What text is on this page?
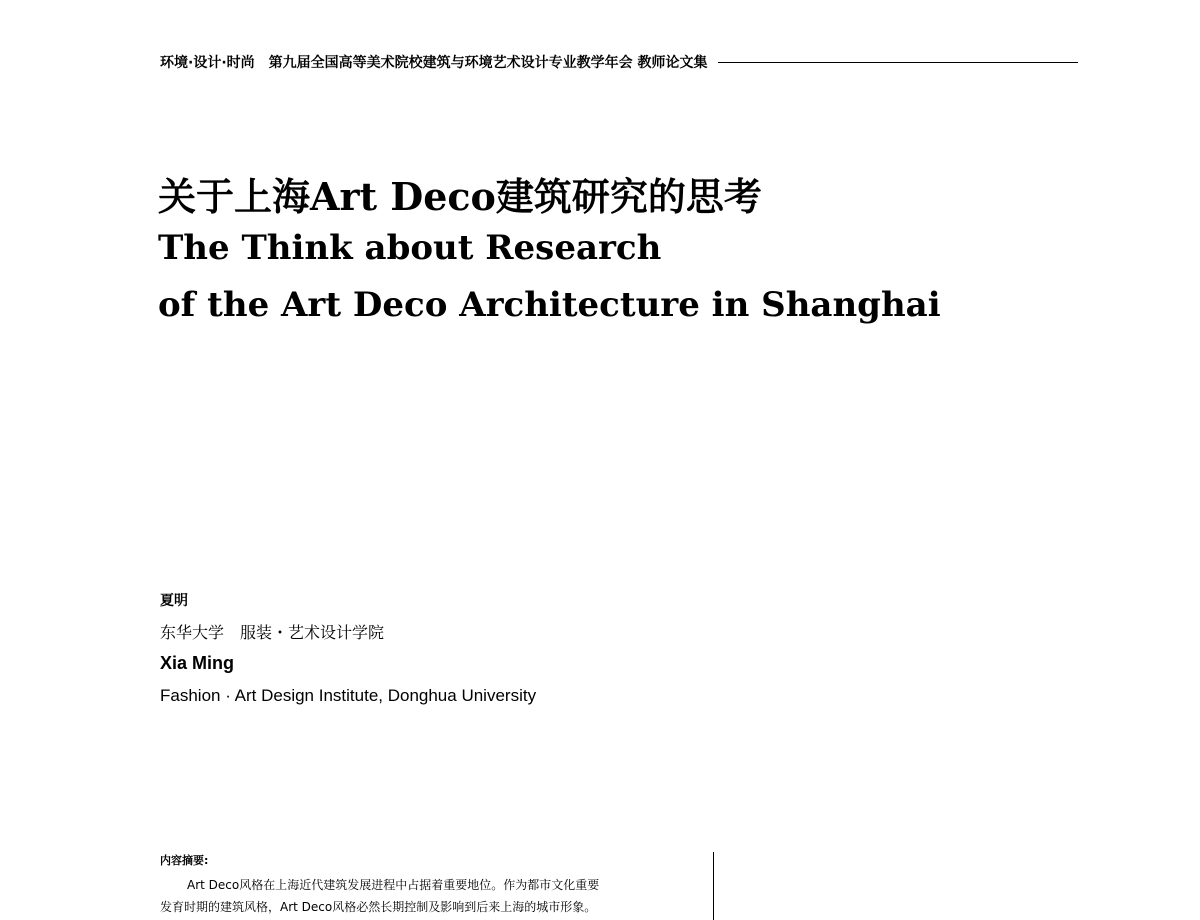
环境·设计·时尚　第九届全国高等美术院校建筑与环境艺术设计专业教学年会 教师论文集
关于上海Art Deco建筑研究的思考
The Think about Research
of the Art Deco Architecture in Shanghai
夏明
东华大学　服装・艺术设计学院
Xia Ming
Fashion · Art Design Institute, Donghua University
内容摘要:
Art Deco风格在上海近代建筑发展进程中占据着重要地位。作为都市文化重要
发育时期的建筑风格，Art Deco风格必然长期控制及影响到后来上海的城市形象。
